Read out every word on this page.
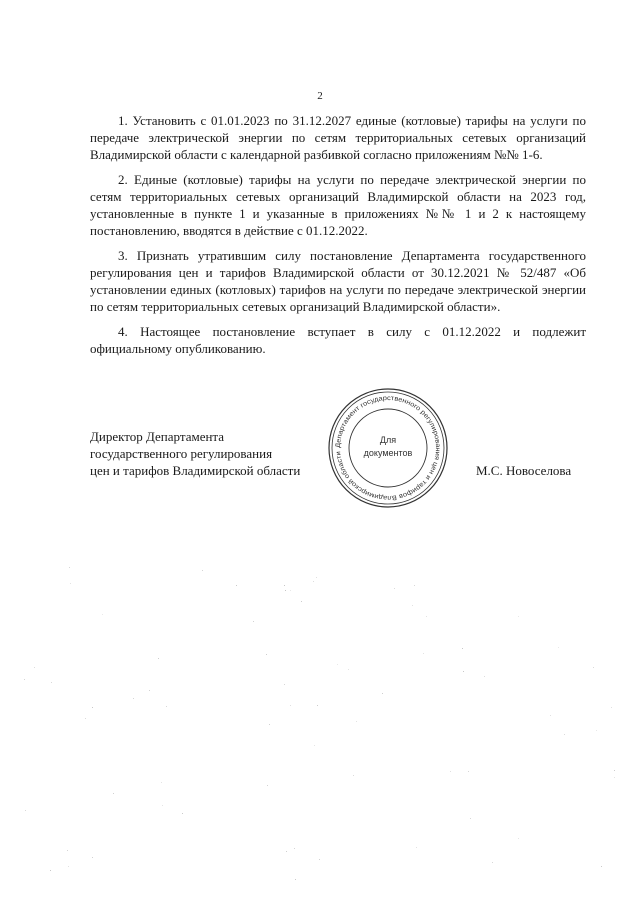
2

1. Установить с 01.01.2023 по 31.12.2027 единые (котловые) тарифы на услуги по передаче электрической энергии по сетям территориальных сетевых организаций Владимирской области с календарной разбивкой согласно приложениям №№ 1-6.

2. Единые (котловые) тарифы на услуги по передаче электрической энергии по сетям территориальных сетевых организаций Владимирской области на 2023 год, установленные в пункте 1 и указанные в приложениях №№ 1 и 2 к настоящему постановлению, вводятся в действие с 01.12.2022.

3. Признать утратившим силу постановление Департамента государственного регулирования цен и тарифов Владимирской области от 30.12.2021 № 52/487 «Об установлении единых (котловых) тарифов на услуги по передаче электрической энергии по сетям территориальных сетевых организаций Владимирской области».

4. Настоящее постановление вступает в силу с 01.12.2022 и подлежит официальному опубликованию.

Директор Департамента
государственного регулирования
цен и тарифов Владимирской области
Департамент государственного регулирования цен и тарифов Владимирской области
Для
документов
М.С. Новоселова
